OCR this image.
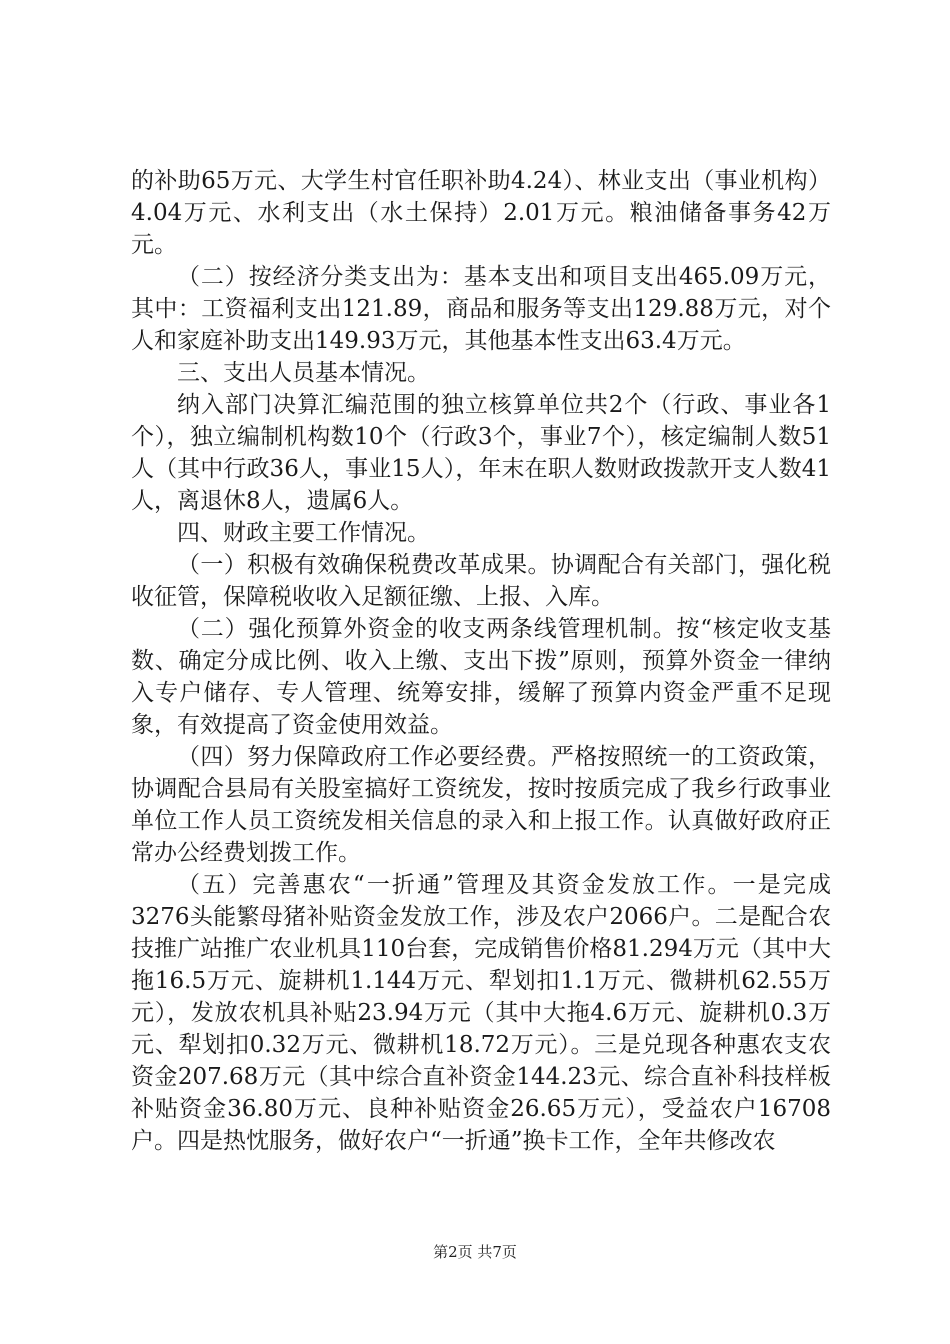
的补助65万元、大学生村官任职补助4.24）、林业支出（事业机构）4.04万元、水利支出（水土保持）2.01万元。粮油储备事务42万元。

（二）按经济分类支出为：基本支出和项目支出465.09万元，其中：工资福利支出121.89，商品和服务等支出129.88万元，对个人和家庭补助支出149.93万元，其他基本性支出63.4万元。

三、支出人员基本情况。

纳入部门决算汇编范围的独立核算单位共2个（行政、事业各1个），独立编制机构数10个（行政3个，事业7个），核定编制人数51人（其中行政36人，事业15人），年末在职人数财政拨款开支人数41人，离退休8人，遗属6人。

四、财政主要工作情况。

（一）积极有效确保税费改革成果。协调配合有关部门，强化税收征管，保障税收收入足额征缴、上报、入库。

（二）强化预算外资金的收支两条线管理机制。按“核定收支基数、确定分成比例、收入上缴、支出下拨”原则，预算外资金一律纳入专户储存、专人管理、统筹安排，缓解了预算内资金严重不足现象，有效提高了资金使用效益。

（四）努力保障政府工作必要经费。严格按照统一的工资政策，协调配合县局有关股室搞好工资统发，按时按质完成了我乡行政事业单位工作人员工资统发相关信息的录入和上报工作。认真做好政府正常办公经费划拨工作。

（五）完善惠农“一折通”管理及其资金发放工作。一是完成3276头能繁母猪补贴资金发放工作，涉及农户2066户。二是配合农技推广站推广农业机具110台套，完成销售价格81.294万元（其中大拖16.5万元、旋耕机1.144万元、犁划扣1.1万元、微耕机62.55万元），发放农机具补贴23.94万元（其中大拖4.6万元、旋耕机0.3万元、犁划扣0.32万元、微耕机18.72万元）。三是兑现各种惠农支农资金207.68万元（其中综合直补资金144.23元、综合直补科技样板补贴资金36.80万元、良种补贴资金26.65万元），受益农户16708户。四是热忱服务，做好农户“一折通”换卡工作，全年共修改农

第2页 共7页
